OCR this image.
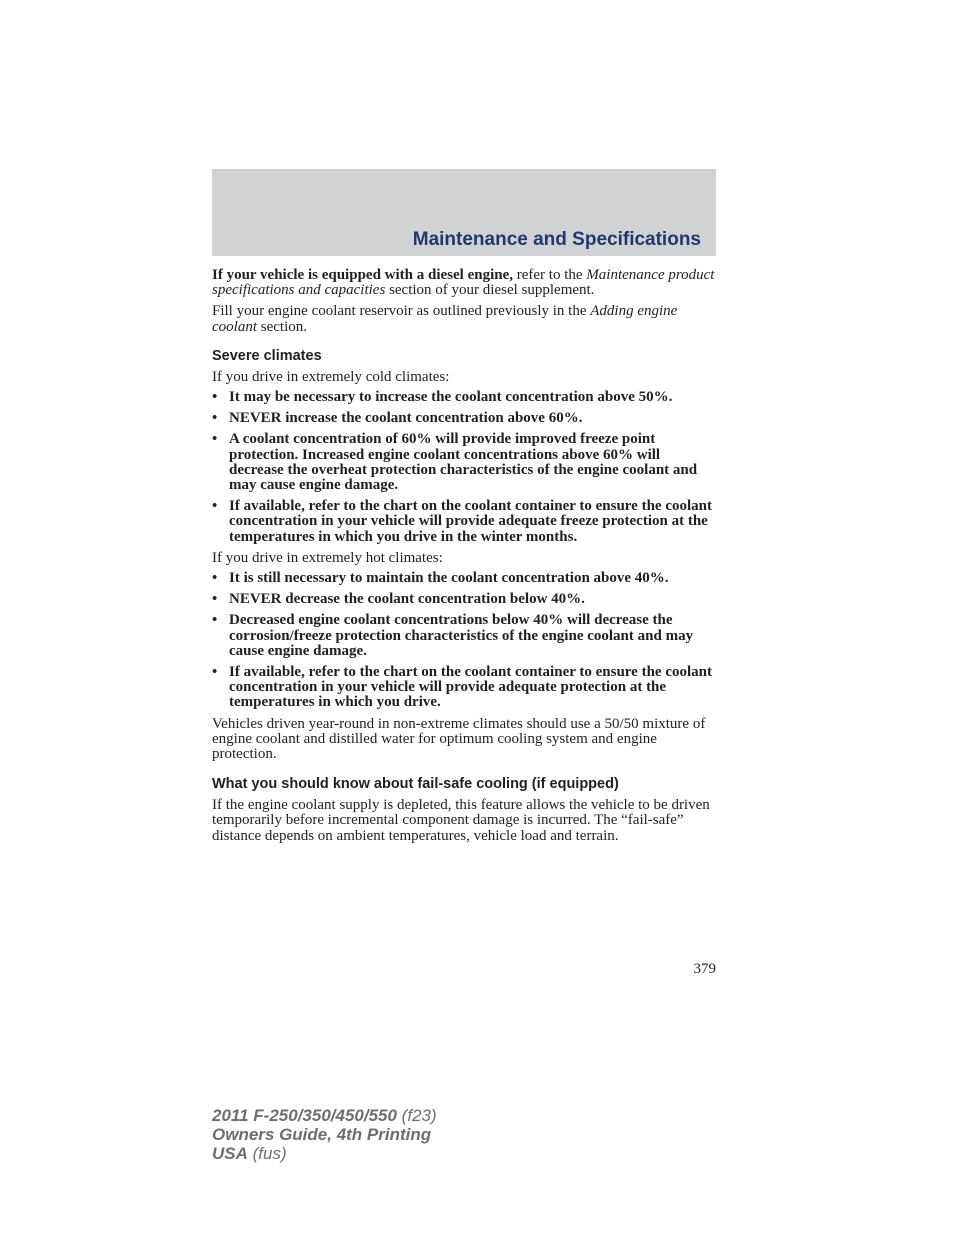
Maintenance and Specifications

If your vehicle is equipped with a diesel engine, refer to the Maintenance product specifications and capacities section of your diesel supplement.

Fill your engine coolant reservoir as outlined previously in the Adding engine coolant section.

Severe climates

If you drive in extremely cold climates:

• It may be necessary to increase the coolant concentration above 50%.
• NEVER increase the coolant concentration above 60%.
• A coolant concentration of 60% will provide improved freeze point protection. Increased engine coolant concentrations above 60% will decrease the overheat protection characteristics of the engine coolant and may cause engine damage.
• If available, refer to the chart on the coolant container to ensure the coolant concentration in your vehicle will provide adequate freeze protection at the temperatures in which you drive in the winter months.

If you drive in extremely hot climates:

• It is still necessary to maintain the coolant concentration above 40%.
• NEVER decrease the coolant concentration below 40%.
• Decreased engine coolant concentrations below 40% will decrease the corrosion/freeze protection characteristics of the engine coolant and may cause engine damage.
• If available, refer to the chart on the coolant container to ensure the coolant concentration in your vehicle will provide adequate protection at the temperatures in which you drive.

Vehicles driven year-round in non-extreme climates should use a 50/50 mixture of engine coolant and distilled water for optimum cooling system and engine protection.

What you should know about fail-safe cooling (if equipped)

If the engine coolant supply is depleted, this feature allows the vehicle to be driven temporarily before incremental component damage is incurred. The “fail-safe” distance depends on ambient temperatures, vehicle load and terrain.

379
2011 F-250/350/450/550 (f23)
Owners Guide, 4th Printing
USA (fus)
